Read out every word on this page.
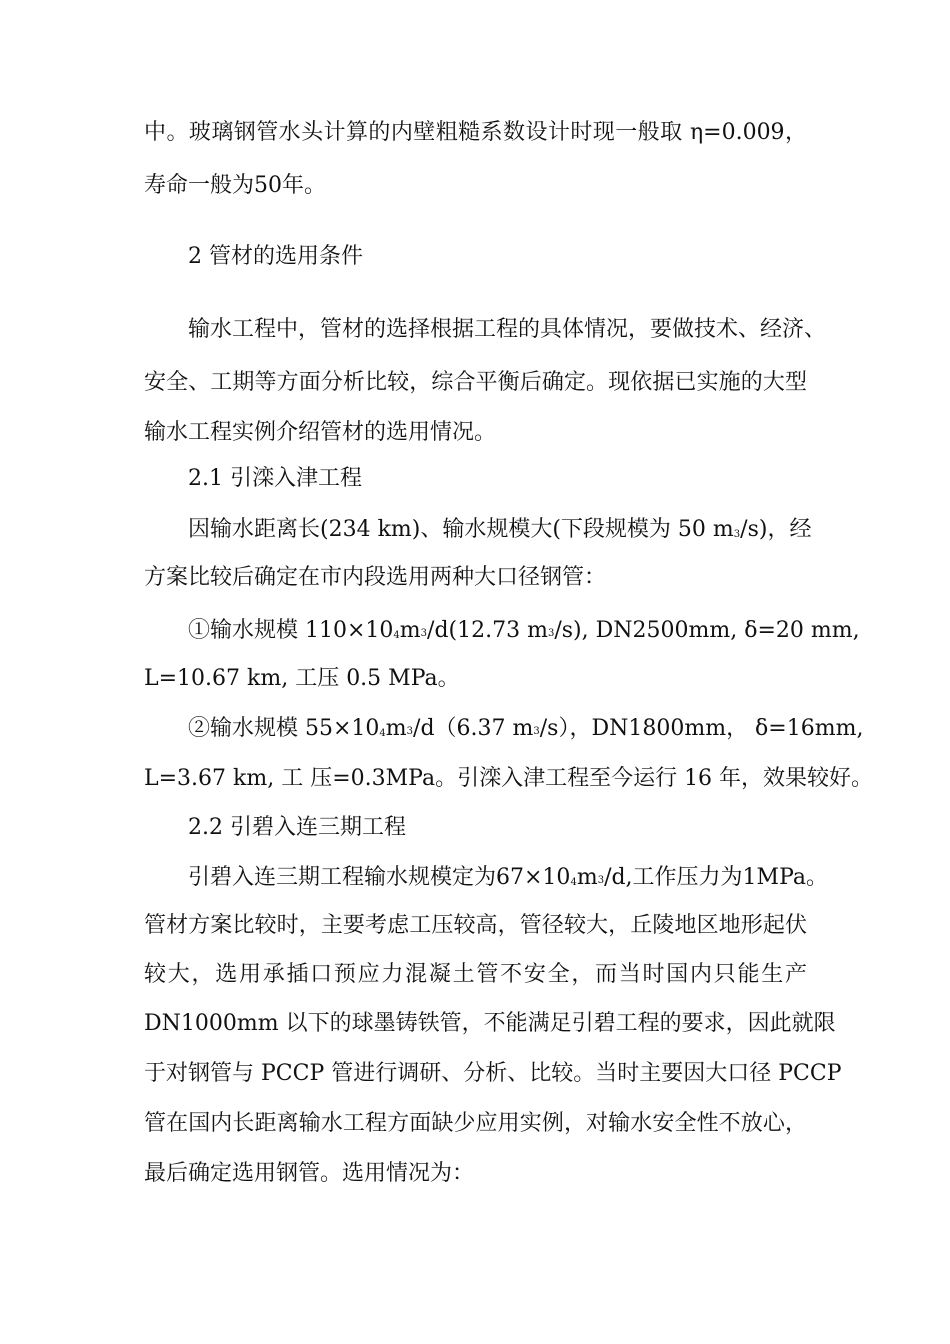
中。玻璃钢管水头计算的内壁粗糙系数设计时现一般取 η=0.009，
寿命一般为50年。
2 管材的选用条件
输水工程中，管材的选择根据工程的具体情况，要做技术、经济、
安全、工期等方面分析比较，综合平衡后确定。现依据已实施的大型
输水工程实例介绍管材的选用情况。
2.1 引滦入津工程
因输水距离长(234 km)、输水规模大(下段规模为 50 m3/s)，经
方案比较后确定在市内段选用两种大口径钢管：
①输水规模 110×104m3/d(12.73 m3/s), DN2500mm, δ=20 mm,
L=10.67 km, 工压 0.5 MPa。
②输水规模 55×104m3/d（6.37 m3/s），DN1800mm， δ=16mm,
L=3.67 km, 工 压=0.3MPa。引滦入津工程至今运行 16 年，效果较好。
2.2 引碧入连三期工程
引碧入连三期工程输水规模定为67×104m3/d,工作压力为1MPa。
管材方案比较时，主要考虑工压较高，管径较大，丘陵地区地形起伏
较大，选用承插口预应力混凝土管不安全，而当时国内只能生产
DN1000mm 以下的球墨铸铁管，不能满足引碧工程的要求，因此就限
于对钢管与 PCCP 管进行调研、分析、比较。当时主要因大口径 PCCP
管在国内长距离输水工程方面缺少应用实例，对输水安全性不放心，
最后确定选用钢管。选用情况为：
